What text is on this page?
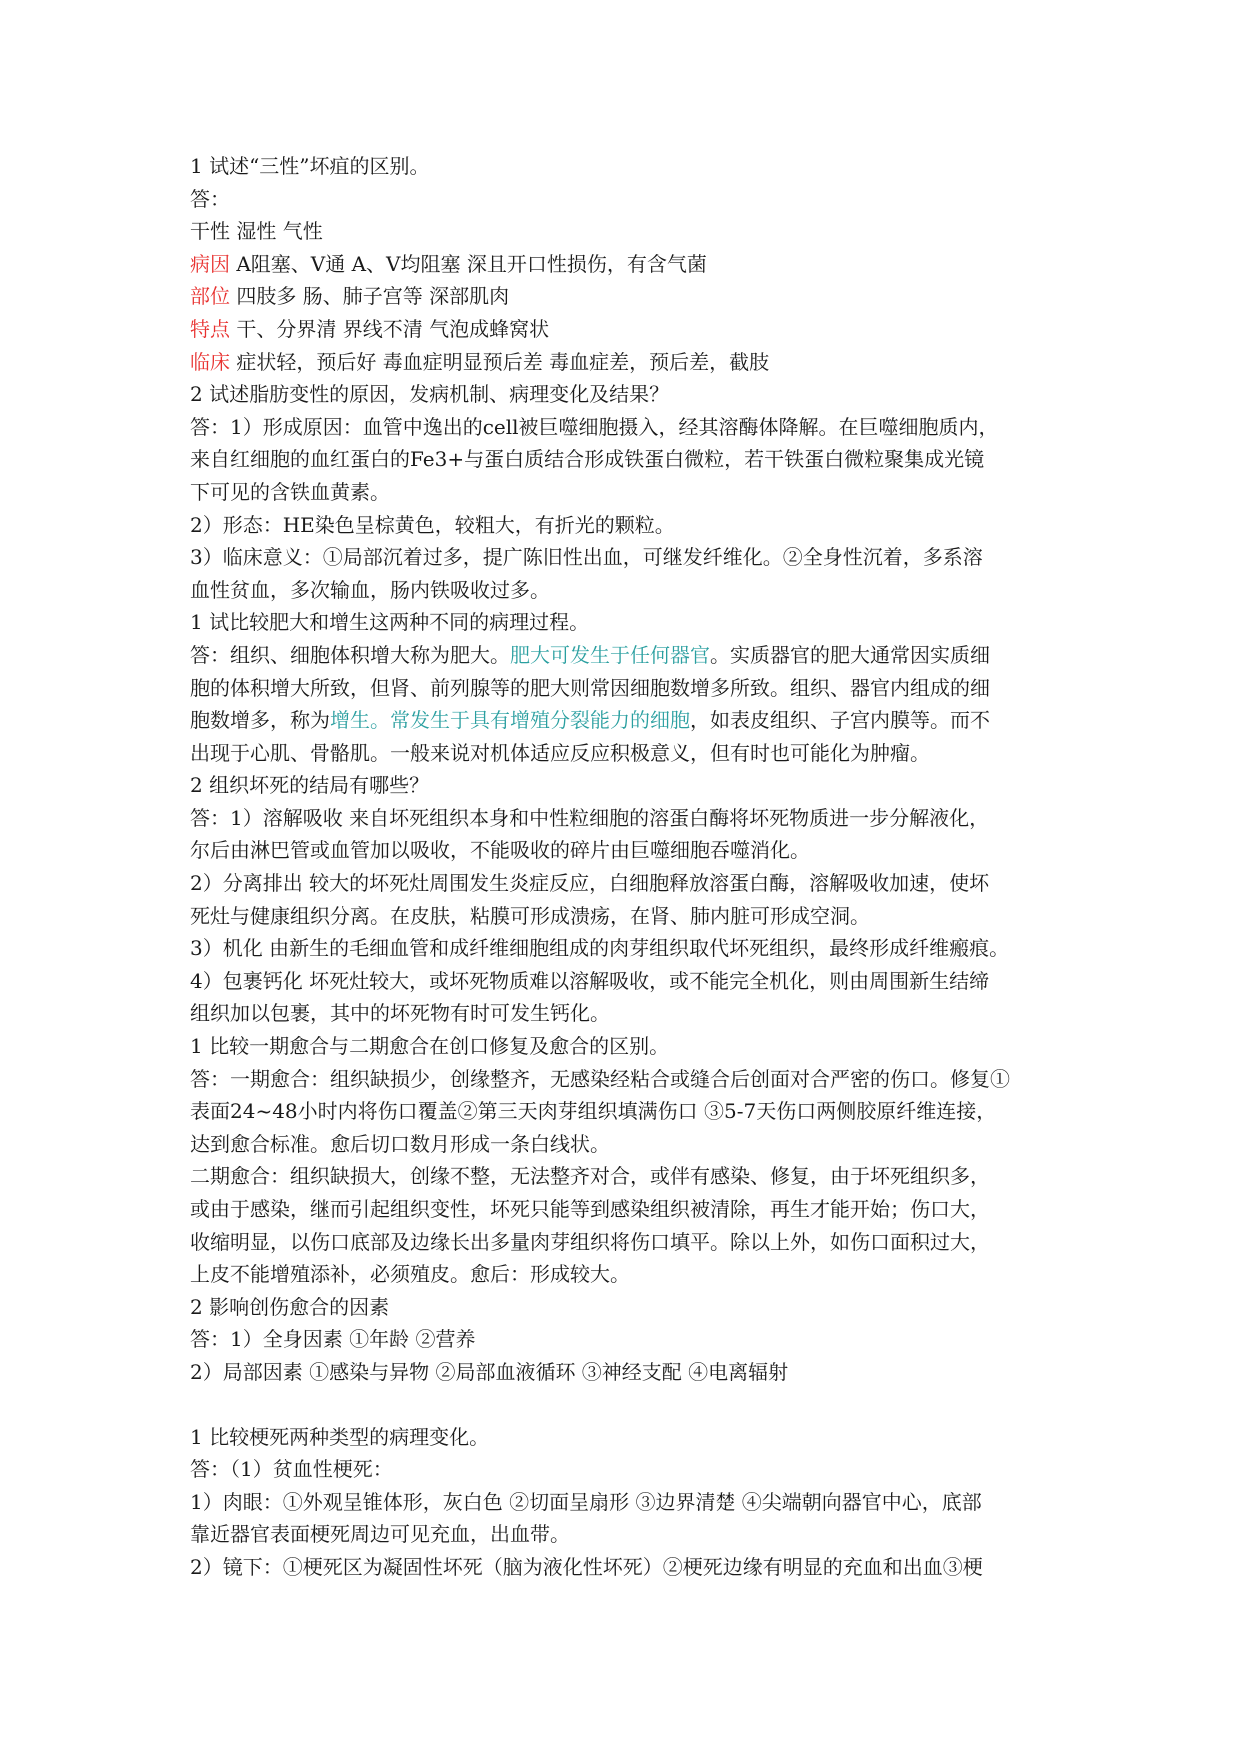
1 试述“三性”坏疽的区别。

答：

干性 湿性 气性

病因 A阻塞、V通 A、V均阻塞 深且开口性损伤，有含气菌

部位 四肢多 肠、肺子宫等 深部肌肉

特点 干、分界清 界线不清 气泡成蜂窝状

临床 症状轻，预后好 毒血症明显预后差 毒血症差，预后差，截肢

2 试述脂肪变性的原因，发病机制、病理变化及结果？

答：1）形成原因：血管中逸出的cell被巨噬细胞摄入，经其溶酶体降解。在巨噬细胞质内，

来自红细胞的血红蛋白的Fe3+与蛋白质结合形成铁蛋白微粒，若干铁蛋白微粒聚集成光镜

下可见的含铁血黄素。

2）形态：HE染色呈棕黄色，较粗大，有折光的颗粒。

3）临床意义：①局部沉着过多，提广陈旧性出血，可继发纤维化。②全身性沉着，多系溶

血性贫血，多次输血，肠内铁吸收过多。

1 试比较肥大和增生这两种不同的病理过程。

答：组织、细胞体积增大称为肥大。肥大可发生于任何器官。实质器官的肥大通常因实质细

胞的体积增大所致，但肾、前列腺等的肥大则常因细胞数增多所致。组织、器官内组成的细

胞数增多，称为增生。常发生于具有增殖分裂能力的细胞，如表皮组织、子宫内膜等。而不

出现于心肌、骨骼肌。一般来说对机体适应反应积极意义，但有时也可能化为肿瘤。

2 组织坏死的结局有哪些？

答：1）溶解吸收 来自坏死组织本身和中性粒细胞的溶蛋白酶将坏死物质进一步分解液化，

尔后由淋巴管或血管加以吸收，不能吸收的碎片由巨噬细胞吞噬消化。

2）分离排出 较大的坏死灶周围发生炎症反应，白细胞释放溶蛋白酶，溶解吸收加速，使坏

死灶与健康组织分离。在皮肤，粘膜可形成溃疡，在肾、肺内脏可形成空洞。

3）机化 由新生的毛细血管和成纤维细胞组成的肉芽组织取代坏死组织，最终形成纤维瘢痕。

4）包裹钙化 坏死灶较大，或坏死物质难以溶解吸收，或不能完全机化，则由周围新生结缔

组织加以包裹，其中的坏死物有时可发生钙化。

1 比较一期愈合与二期愈合在创口修复及愈合的区别。

答：一期愈合：组织缺损少，创缘整齐，无感染经粘合或缝合后创面对合严密的伤口。修复①

表面24~48小时内将伤口覆盖②第三天肉芽组织填满伤口 ③5-7天伤口两侧胶原纤维连接，

达到愈合标准。愈后切口数月形成一条白线状。

二期愈合：组织缺损大，创缘不整，无法整齐对合，或伴有感染、修复，由于坏死组织多，

或由于感染，继而引起组织变性，坏死只能等到感染组织被清除，再生才能开始；伤口大，

收缩明显，以伤口底部及边缘长出多量肉芽组织将伤口填平。除以上外，如伤口面积过大，

上皮不能增殖添补，必须殖皮。愈后：形成较大。

2 影响创伤愈合的因素

答：1）全身因素 ①年龄 ②营养

2）局部因素 ①感染与异物 ②局部血液循环 ③神经支配 ④电离辐射

1 比较梗死两种类型的病理变化。

答：（1）贫血性梗死：

1）肉眼：①外观呈锥体形，灰白色 ②切面呈扇形 ③边界清楚 ④尖端朝向器官中心，底部

靠近器官表面梗死周边可见充血，出血带。

2）镜下：①梗死区为凝固性坏死（脑为液化性坏死）②梗死边缘有明显的充血和出血③梗
